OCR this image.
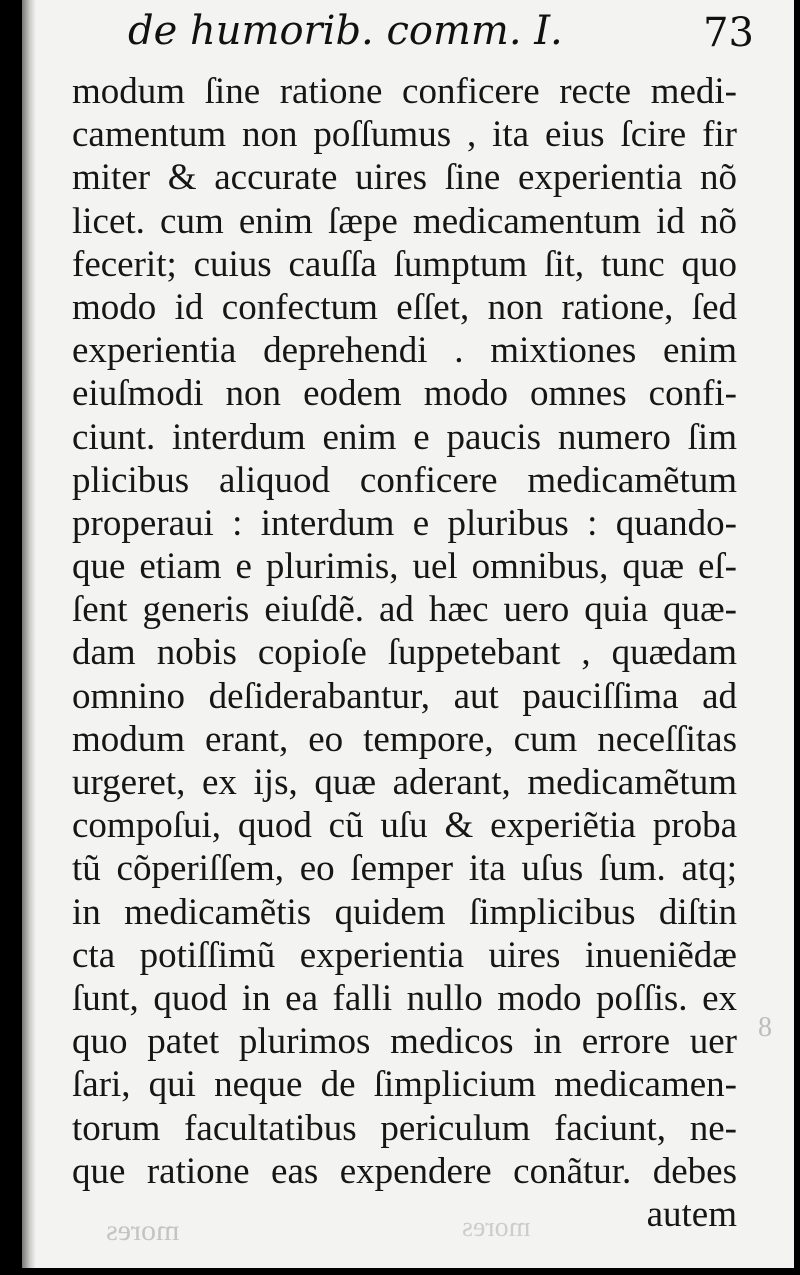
de humorib. comm. I.	73
modum ſine ratione conficere recte medi-
camentum non poſſumus , ita eius ſcire fir
miter & accurate uires ſine experientia nõ
licet. cum enim ſæpe medicamentum id nõ
fecerit; cuius cauſſa ſumptum ſit, tunc quo
modo id confectum eſſet, non ratione, ſed
experientia deprehendi . mixtiones enim
eiuſmodi non eodem modo omnes confi-
ciunt. interdum enim e paucis numero ſim
plicibus aliquod conficere medicamẽtum
properaui : interdum e pluribus : quando-
que etiam e plurimis, uel omnibus, quæ eſ-
ſent generis eiuſdẽ. ad hæc uero quia quæ-
dam nobis copioſe ſuppetebant , quædam
omnino deſiderabantur, aut pauciſſima ad
modum erant, eo tempore, cum neceſſitas
urgeret, ex ijs, quæ aderant, medicamẽtum
compoſui, quod cũ uſu & experiẽtia proba
tũ cõperiſſem, eo ſemper ita uſus ſum. atq;
in medicamẽtis quidem ſimplicibus diſtin
cta potiſſimũ experientia uires inueniẽdæ
ſunt, quod in ea falli nullo modo poſſis. ex
quo patet plurimos medicos in errore uer
ſari, qui neque de ſimplicium medicamen-
torum facultatibus periculum faciunt, ne-
que ratione eas expendere conãtur. debes
autem
mores	mores
8
